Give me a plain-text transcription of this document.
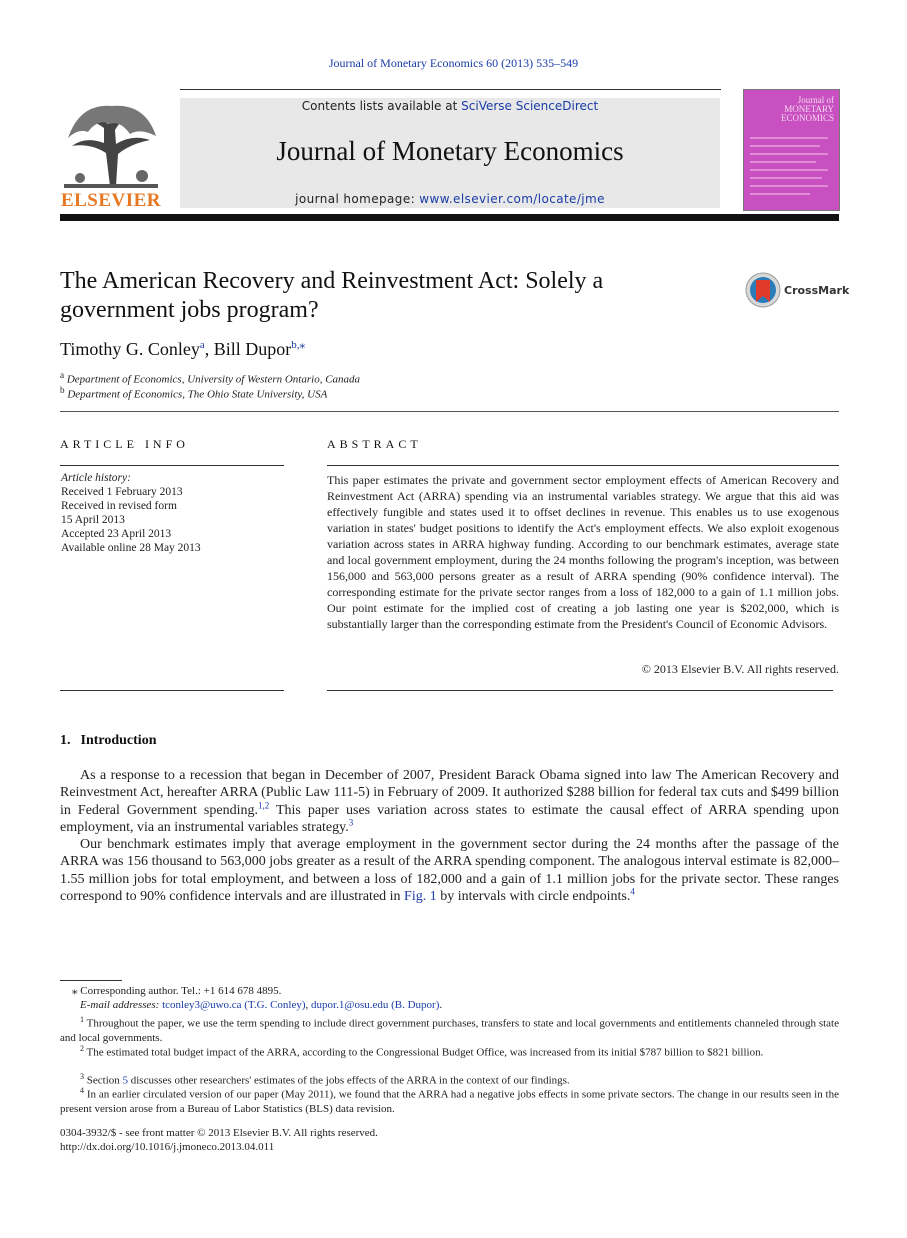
Journal of Monetary Economics 60 (2013) 535–549
ELSEVIER
Contents lists available at SciVerse ScienceDirect
Journal of Monetary Economics
journal homepage: www.elsevier.com/locate/jme
Journal of MONETARY ECONOMICS
The American Recovery and Reinvestment Act: Solely a government jobs program?
CrossMark
Timothy G. Conley$^a$, Bill Dupor$^{b,⁎}$
$^a$ Department of Economics, University of Western Ontario, Canada
$^b$ Department of Economics, The Ohio State University, USA
ARTICLE INFO	ABSTRACT
Article history:
Received 1 February 2013
Received in revised form
15 April 2013
Accepted 23 April 2013
Available online 28 May 2013
This paper estimates the private and government sector employment effects of American Recovery and Reinvestment Act (ARRA) spending via an instrumental variables strategy. We argue that this aid was effectively fungible and states used it to offset declines in revenue. This enables us to use exogenous variation in states' budget positions to identify the Act's employment effects. We also exploit exogenous variation across states in ARRA highway funding. According to our benchmark estimates, average state and local government employment, during the 24 months following the program's inception, was between 156,000 and 563,000 persons greater as a result of ARRA spending (90% confidence interval). The corresponding estimate for the private sector ranges from a loss of 182,000 to a gain of 1.1 million jobs. Our point estimate for the implied cost of creating a job lasting one year is $202,000, which is substantially larger than the corresponding estimate from the President's Council of Economic Advisors.
© 2013 Elsevier B.V. All rights reserved.
1. Introduction
As a response to a recession that began in December of 2007, President Barack Obama signed into law The American Recovery and Reinvestment Act, hereafter ARRA (Public Law 111-5) in February of 2009. It authorized $288 billion for federal tax cuts and $499 billion in Federal Government spending.$^{1,2}$ This paper uses variation across states to estimate the causal effect of ARRA spending upon employment, via an instrumental variables strategy.$^3$
Our benchmark estimates imply that average employment in the government sector during the 24 months after the passage of the ARRA was 156 thousand to 563,000 jobs greater as a result of the ARRA spending component. The analogous interval estimate is 82,000–1.55 million jobs for total employment, and between a loss of 182,000 and a gain of 1.1 million jobs for the private sector. These ranges correspond to 90% confidence intervals and are illustrated in Fig. 1 by intervals with circle endpoints.$^4$
⁎ Corresponding author. Tel.: +1 614 678 4895.
E-mail addresses: tconley3@uwo.ca (T.G. Conley), dupor.1@osu.edu (B. Dupor).
$^1$ Throughout the paper, we use the term spending to include direct government purchases, transfers to state and local governments and entitlements channeled through state and local governments.
$^2$ The estimated total budget impact of the ARRA, according to the Congressional Budget Office, was increased from its initial $787 billion to $821 billion.
$^3$ Section 5 discusses other researchers' estimates of the jobs effects of the ARRA in the context of our findings.
$^4$ In an earlier circulated version of our paper (May 2011), we found that the ARRA had a negative jobs effects in some private sectors. The change in our results seen in the present version arose from a Bureau of Labor Statistics (BLS) data revision.
0304-3932/$ - see front matter © 2013 Elsevier B.V. All rights reserved.
http://dx.doi.org/10.1016/j.jmoneco.2013.04.011
